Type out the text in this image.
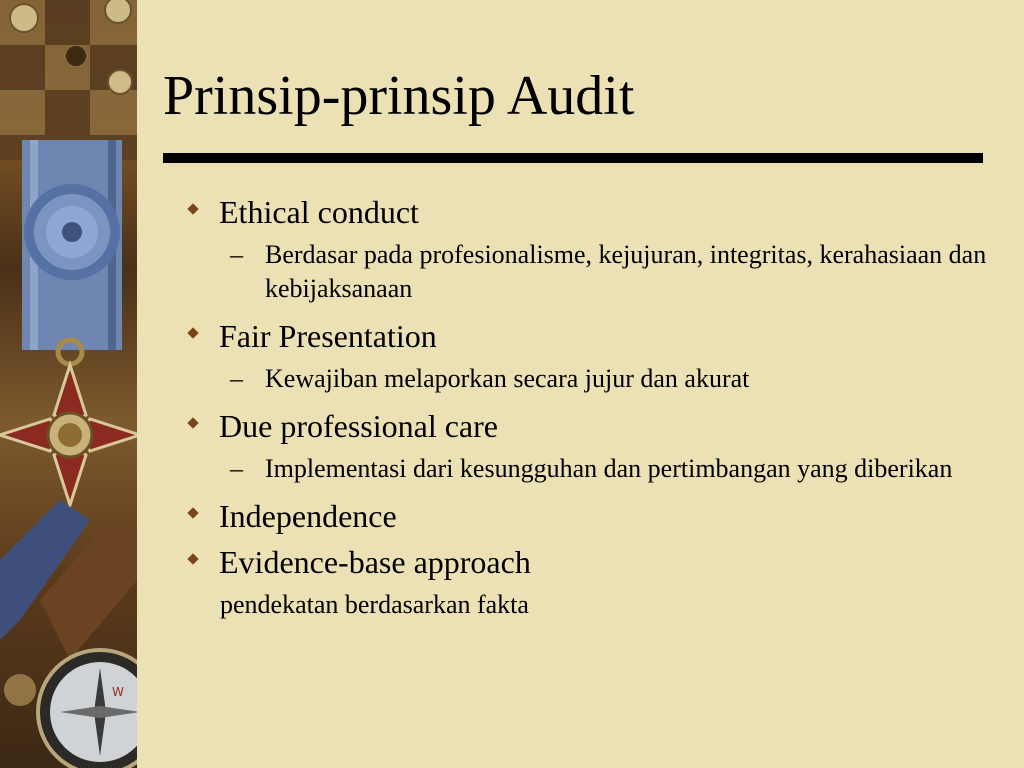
W
Prinsip-prinsip Audit
Ethical conduct
– Berdasar pada profesionalisme, kejujuran, integritas, kerahasiaan dan kebijaksanaan
Fair Presentation
– Kewajiban melaporkan secara jujur dan akurat
Due professional care
– Implementasi dari kesungguhan dan pertimbangan yang diberikan
Independence
Evidence-base approach
pendekatan berdasarkan fakta
